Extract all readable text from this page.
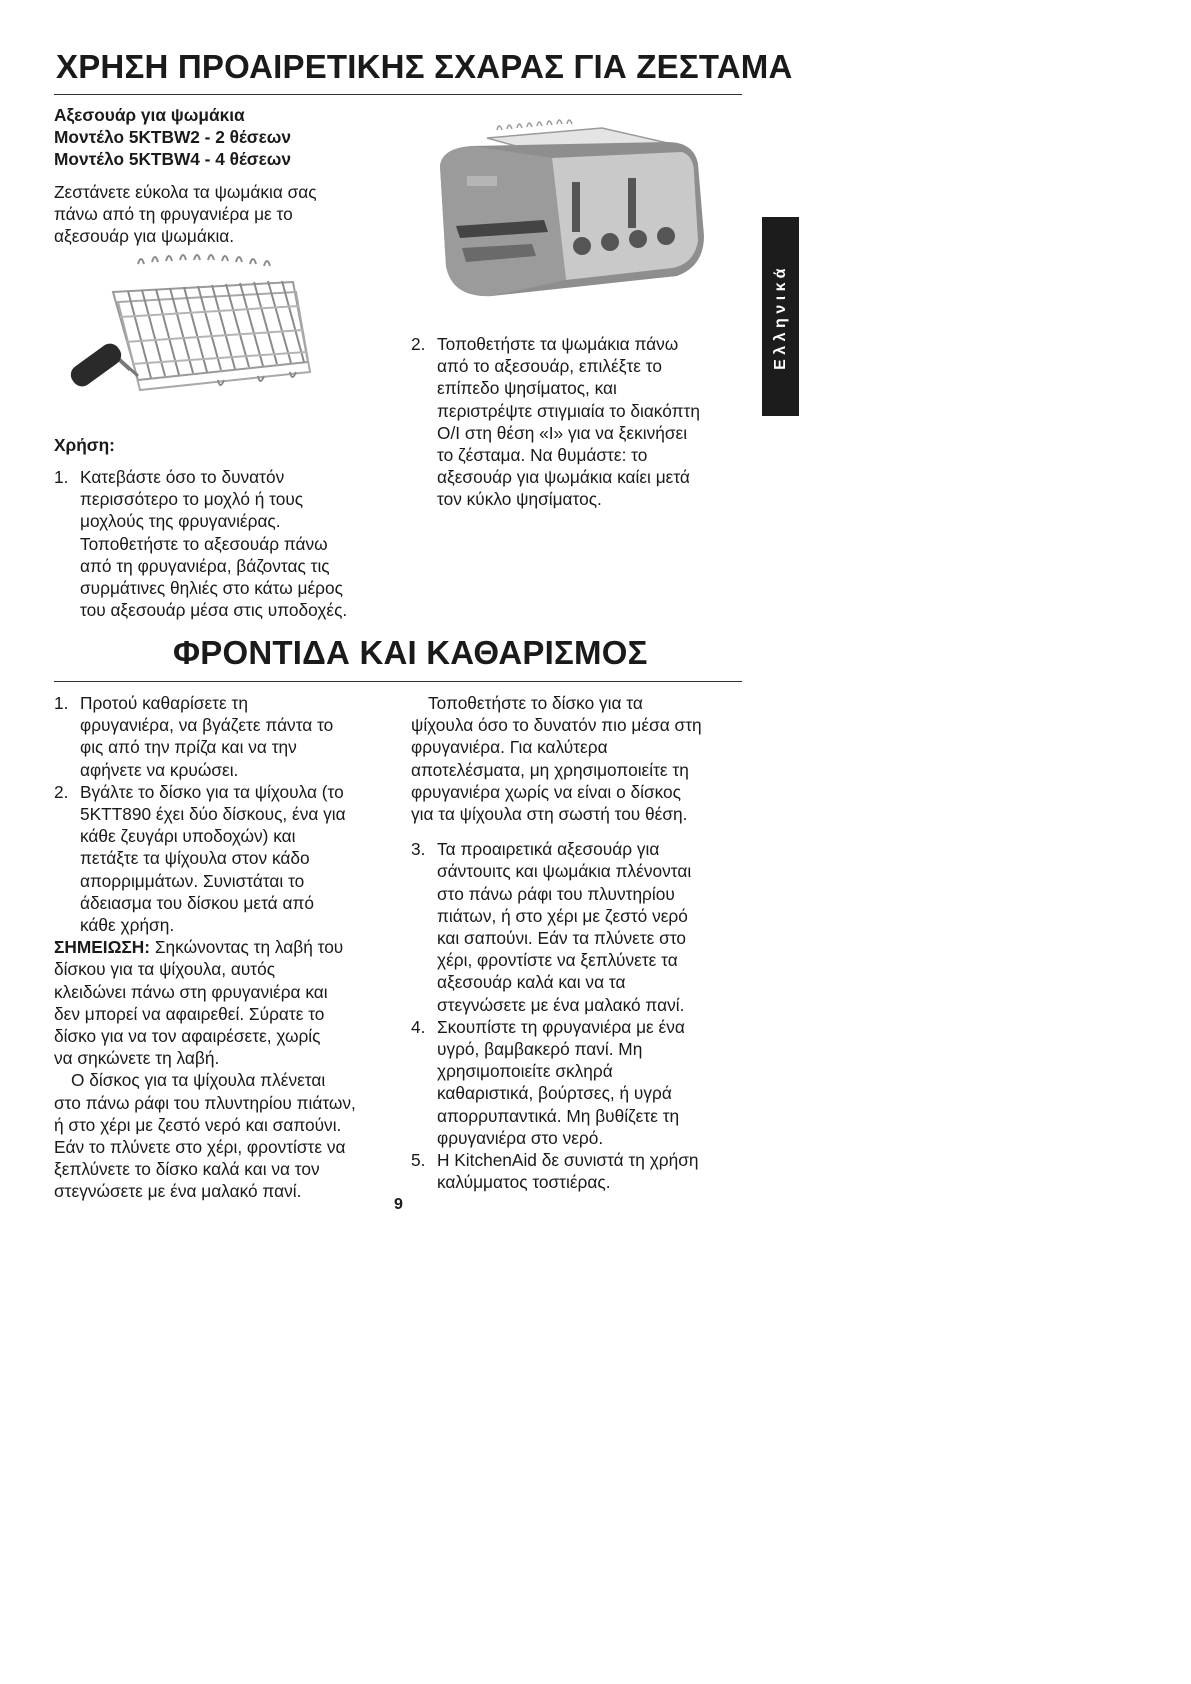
ΧΡΗΣΗ ΠΡΟΑΙΡΕΤΙΚΗΣ ΣΧΑΡΑΣ ΓΙΑ ΖΕΣΤΑΜΑ
Αξεσουάρ για ψωμάκια
Μοντέλο 5KTBW2 - 2 θέσεων
Μοντέλο 5KTBW4 - 4 θέσεων
Ζεστάνετε εύκολα τα ψωμάκια σας
πάνω από τη φρυγανιέρα με το
αξεσουάρ για ψωμάκια.
Χρήση:
1. Κατεβάστε όσο το δυνατόν
περισσότερο το μοχλό ή τους
μοχλούς της φρυγανιέρας.
Τοποθετήστε το αξεσουάρ πάνω
από τη φρυγανιέρα, βάζοντας τις
συρμάτινες θηλιές στο κάτω μέρος
του αξεσουάρ μέσα στις υποδοχές.
2. Τοποθετήστε τα ψωμάκια πάνω
από το αξεσουάρ, επιλέξτε το
επίπεδο ψησίματος, και
περιστρέψτε στιγμιαία το διακόπτη
O/I στη θέση «I» για να ξεκινήσει
το ζέσταμα. Να θυμάστε: το
αξεσουάρ για ψωμάκια καίει μετά
τον κύκλο ψησίματος.
Ελληνικά
ΦΡΟΝΤΙΔΑ ΚΑΙ ΚΑΘΑΡΙΣΜΟΣ
1. Προτού καθαρίσετε τη
φρυγανιέρα, να βγάζετε πάντα το
φις από την πρίζα και να την
αφήνετε να κρυώσει.
2. Βγάλτε το δίσκο για τα ψίχουλα (το
5KTT890 έχει δύο δίσκους, ένα για
κάθε ζευγάρι υποδοχών) και
πετάξτε τα ψίχουλα στον κάδο
απορριμμάτων. Συνιστάται το
άδειασμα του δίσκου μετά από
κάθε χρήση.
ΣΗΜΕΙΩΣΗ: Σηκώνοντας τη λαβή του
δίσκου για τα ψίχουλα, αυτός
κλειδώνει πάνω στη φρυγανιέρα και
δεν μπορεί να αφαιρεθεί. Σύρατε το
δίσκο για να τον αφαιρέσετε, χωρίς
να σηκώνετε τη λαβή.
Ο δίσκος για τα ψίχουλα πλένεται
στο πάνω ράφι του πλυντηρίου πιάτων,
ή στο χέρι με ζεστό νερό και σαπούνι.
Εάν το πλύνετε στο χέρι, φροντίστε να
ξεπλύνετε το δίσκο καλά και να τον
στεγνώσετε με ένα μαλακό πανί.
Τοποθετήστε το δίσκο για τα
ψίχουλα όσο το δυνατόν πιο μέσα στη
φρυγανιέρα. Για καλύτερα
αποτελέσματα, μη χρησιμοποιείτε τη
φρυγανιέρα χωρίς να είναι ο δίσκος
για τα ψίχουλα στη σωστή του θέση.
3. Τα προαιρετικά αξεσουάρ για
σάντουιτς και ψωμάκια πλένονται
στο πάνω ράφι του πλυντηρίου
πιάτων, ή στο χέρι με ζεστό νερό
και σαπούνι. Εάν τα πλύνετε στο
χέρι, φροντίστε να ξεπλύνετε τα
αξεσουάρ καλά και να τα
στεγνώσετε με ένα μαλακό πανί.
4. Σκουπίστε τη φρυγανιέρα με ένα
υγρό, βαμβακερό πανί. Μη
χρησιμοποιείτε σκληρά
καθαριστικά, βούρτσες, ή υγρά
απορρυπαντικά. Μη βυθίζετε τη
φρυγανιέρα στο νερό.
5. Η KitchenAid δε συνιστά τη χρήση
καλύμματος τοστιέρας.
9
